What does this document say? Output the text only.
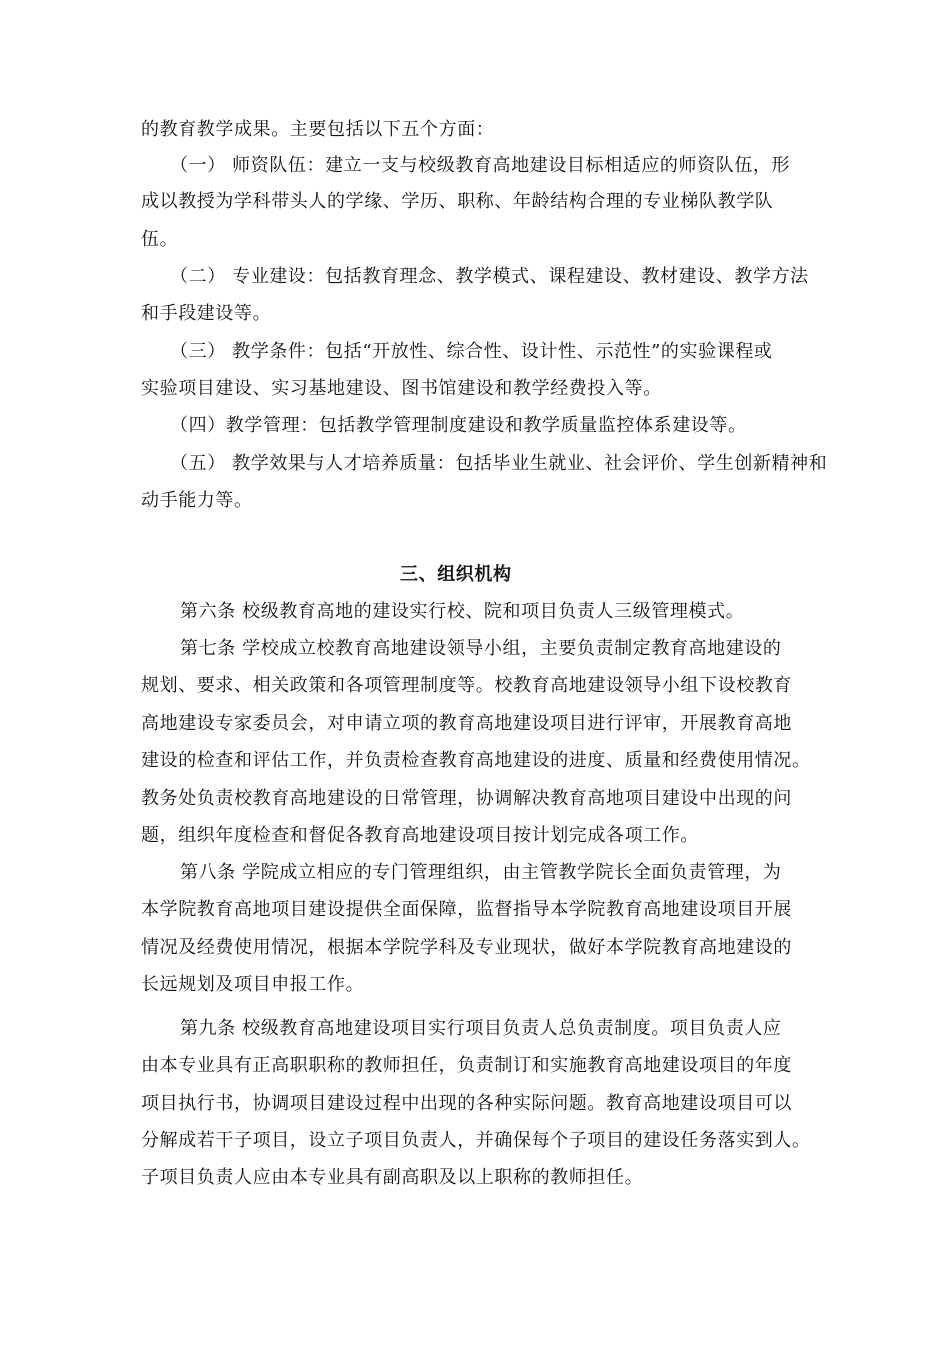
的教育教学成果。主要包括以下五个方面：
（一） 师资队伍：建立一支与校级教育高地建设目标相适应的师资队伍，形
成以教授为学科带头人的学缘、学历、职称、年龄结构合理的专业梯队教学队
伍。
（二） 专业建设：包括教育理念、教学模式、课程建设、教材建设、教学方法
和手段建设等。
（三） 教学条件：包括“开放性、综合性、设计性、示范性”的实验课程或
实验项目建设、实习基地建设、图书馆建设和教学经费投入等。
（四）教学管理：包括教学管理制度建设和教学质量监控体系建设等。
（五） 教学效果与人才培养质量：包括毕业生就业、社会评价、学生创新精神和
动手能力等。
三、组织机构
第六条 校级教育高地的建设实行校、院和项目负责人三级管理模式。
第七条 学校成立校教育高地建设领导小组，主要负责制定教育高地建设的
规划、要求、相关政策和各项管理制度等。校教育高地建设领导小组下设校教育
高地建设专家委员会，对申请立项的教育高地建设项目进行评审，开展教育高地
建设的检查和评估工作，并负责检查教育高地建设的进度、质量和经费使用情况。
教务处负责校教育高地建设的日常管理，协调解决教育高地项目建设中出现的问
题，组织年度检查和督促各教育高地建设项目按计划完成各项工作。
第八条 学院成立相应的专门管理组织，由主管教学院长全面负责管理，为
本学院教育高地项目建设提供全面保障，监督指导本学院教育高地建设项目开展
情况及经费使用情况，根据本学院学科及专业现状，做好本学院教育高地建设的
长远规划及项目申报工作。
第九条 校级教育高地建设项目实行项目负责人总负责制度。项目负责人应
由本专业具有正高职职称的教师担任，负责制订和实施教育高地建设项目的年度
项目执行书，协调项目建设过程中出现的各种实际问题。教育高地建设项目可以
分解成若干子项目，设立子项目负责人，并确保每个子项目的建设任务落实到人。
子项目负责人应由本专业具有副高职及以上职称的教师担任。
